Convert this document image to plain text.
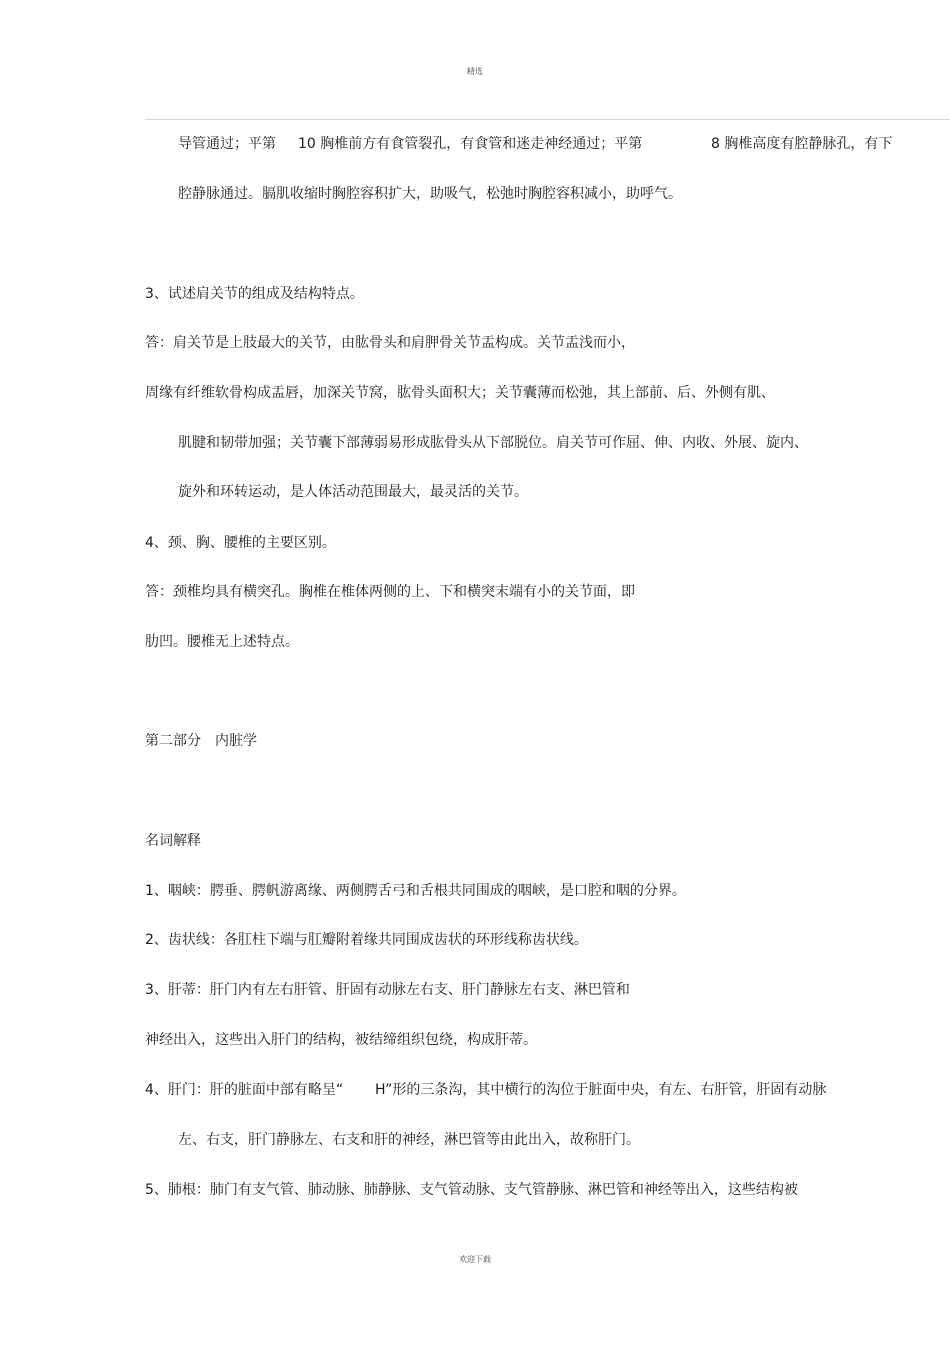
精选
导管通过；平第 10 胸椎前方有食管裂孔，有食管和迷走神经通过；平第	8 胸椎高度有腔静脉孔，有下
腔静脉通过。膈肌收缩时胸腔容积扩大，助吸气，松弛时胸腔容积减小，助呼气。
3、试述肩关节的组成及结构特点。
答：肩关节是上肢最大的关节，由肱骨头和肩胛骨关节盂构成。关节盂浅而小，
周缘有纤维软骨构成盂唇，加深关节窝，肱骨头面积大；关节囊薄而松弛，其上部前、后、外侧有肌、
肌腱和韧带加强；关节囊下部薄弱易形成肱骨头从下部脱位。肩关节可作屈、伸、内收、外展、旋内、
旋外和环转运动，是人体活动范围最大，最灵活的关节。
4、颈、胸、腰椎的主要区别。
答：颈椎均具有横突孔。胸椎在椎体两侧的上、下和横突末端有小的关节面，即
肋凹。腰椎无上述特点。
第二部分　内脏学
名词解释
1、咽峡：腭垂、腭帆游离缘、两侧腭舌弓和舌根共同围成的咽峡，是口腔和咽的分界。
2、齿状线：各肛柱下端与肛瓣附着缘共同围成齿状的环形线称齿状线。
3、肝蒂：肝门内有左右肝管、肝固有动脉左右支、肝门静脉左右支、淋巴管和
神经出入，这些出入肝门的结构，被结缔组织包绕，构成肝蒂。
4、肝门：肝的脏面中部有略呈“ H”形的三条沟，其中横行的沟位于脏面中央，有左、右肝管，肝固有动脉
左、右支，肝门静脉左、右支和肝的神经，淋巴管等由此出入，故称肝门。
5、肺根：肺门有支气管、肺动脉、肺静脉、支气管动脉、支气管静脉、淋巴管和神经等出入，这些结构被
欢迎下载
